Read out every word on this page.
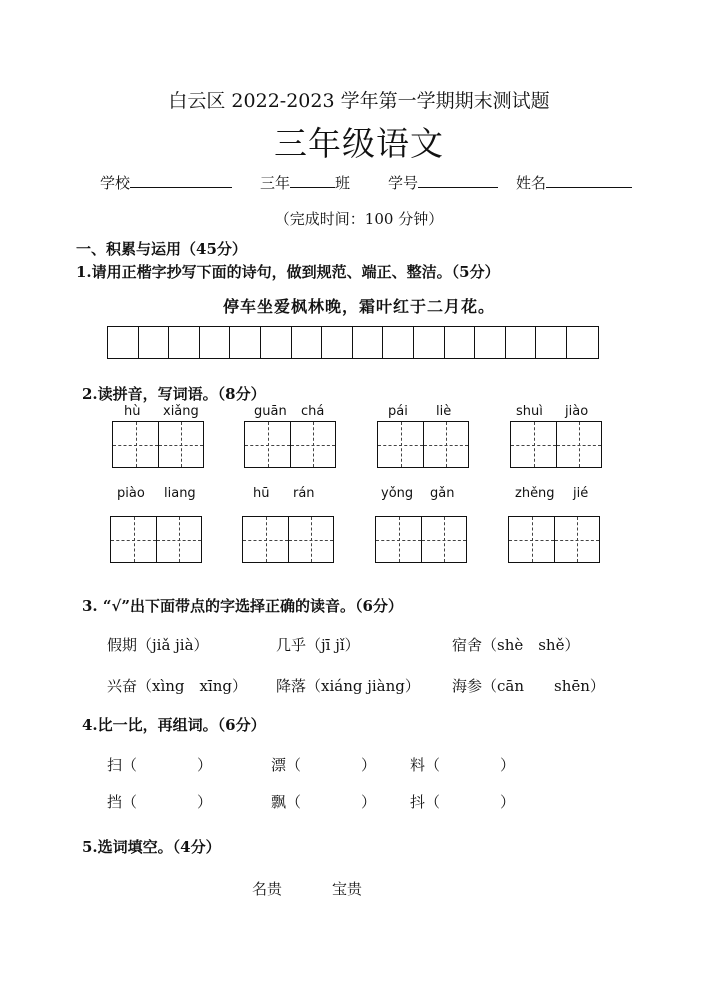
白云区 2022-2023 学年第一学期期末测试题
三年级语文
学校	三年	班	学号	姓名
（完成时间：100 分钟）
一、积累与运用（45分）
1.请用正楷字抄写下面的诗句，做到规范、端正、整洁。（5分）
停车坐爱枫林晚，霜叶红于二月花。
2.读拼音，写词语。（8分）
hù xiǎng	guān chá	pái liè	shuì jiào
piào liang	hū rán	yǒng gǎn	zhěng jié
3. “√”出下面带点的字选择正确的读音。（6分）
假期（jiǎ jià）	几乎（jī jǐ）	宿舍（shè　shě）
兴奋（xìng　xīng） 降落（xiáng jiàng） 海参（cān　　shēn）
4.比一比，再组词。（6分）
扫（　　　　）	漂（　　　　） 料（　　　　）
挡（　　　　）	飘（　　　　） 抖（　　　　）
5.选词填空。（4分）
名贵	宝贵
